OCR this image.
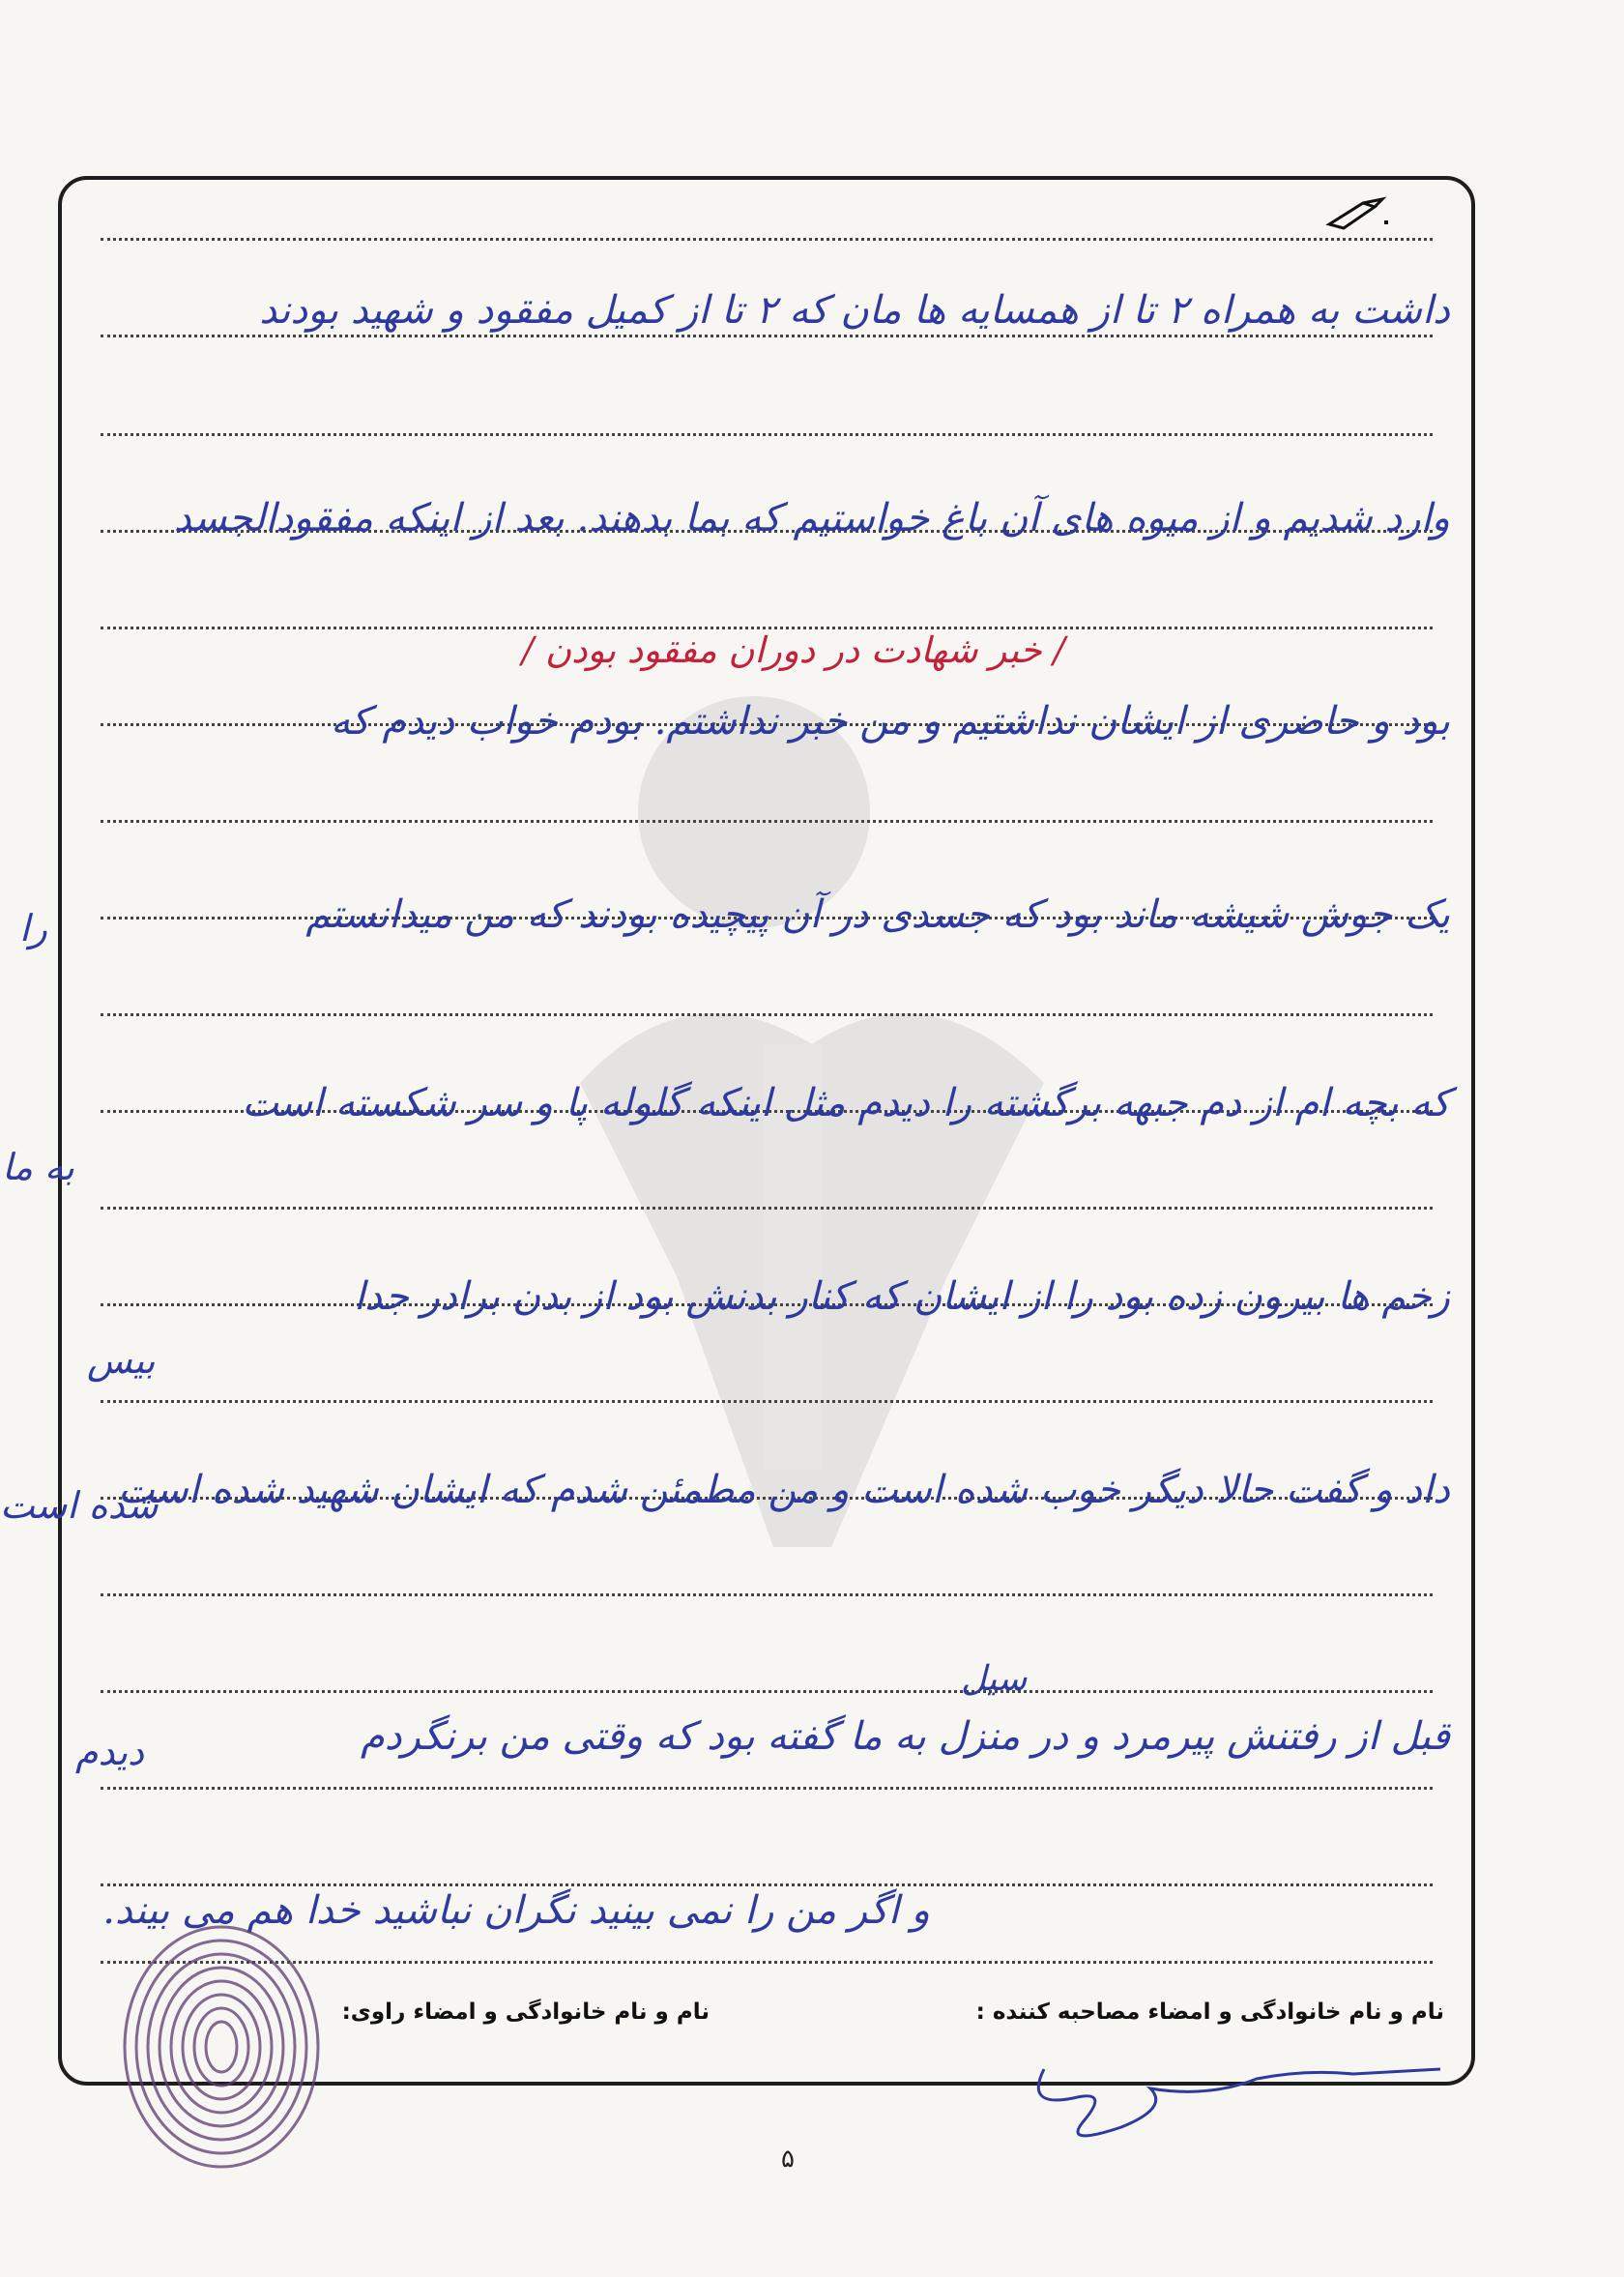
داشت به همراه ۲ تا از همسایه ها مان که ۲ تا از کمیل مفقود و شهید بودند
وارد شدیم و از میوه های آن باغ خواستیم که بما بدهند. بعد از اینکه مفقودالجسد
/ خبر شهادت در دوران مفقود بودن /
بود و حاضری از ایشان نداشتیم و من خبر نداشتم. بودم خواب دیدم که
یک جوش شیشه ماند بود که جسدی در آن پیچیده بودند که من میدانستم
که بچه ام از دم جبهه برگشته را دیدم مثل اینکه گلوله پا و سر شکسته است
زخم ها بیرون زده بود را از ایشان که کنار بدنش بود از بدن برادر جدا
داد و گفت حالا دیگر خوب شده است و من مطمئن شدم که ایشان شهید شده است
سیل
قبل از رفتنش پیرمرد و در منزل به ما گفته بود که وقتی من برنگردم
و اگر من را نمی بینید نگران نباشید خدا هم می بیند.
نام و نام خانوادگی و امضاء مصاحبه کننده :
نام و نام خانوادگی و امضاء راوی:
را
به ما
بیس
شده است
دیدم
۵
